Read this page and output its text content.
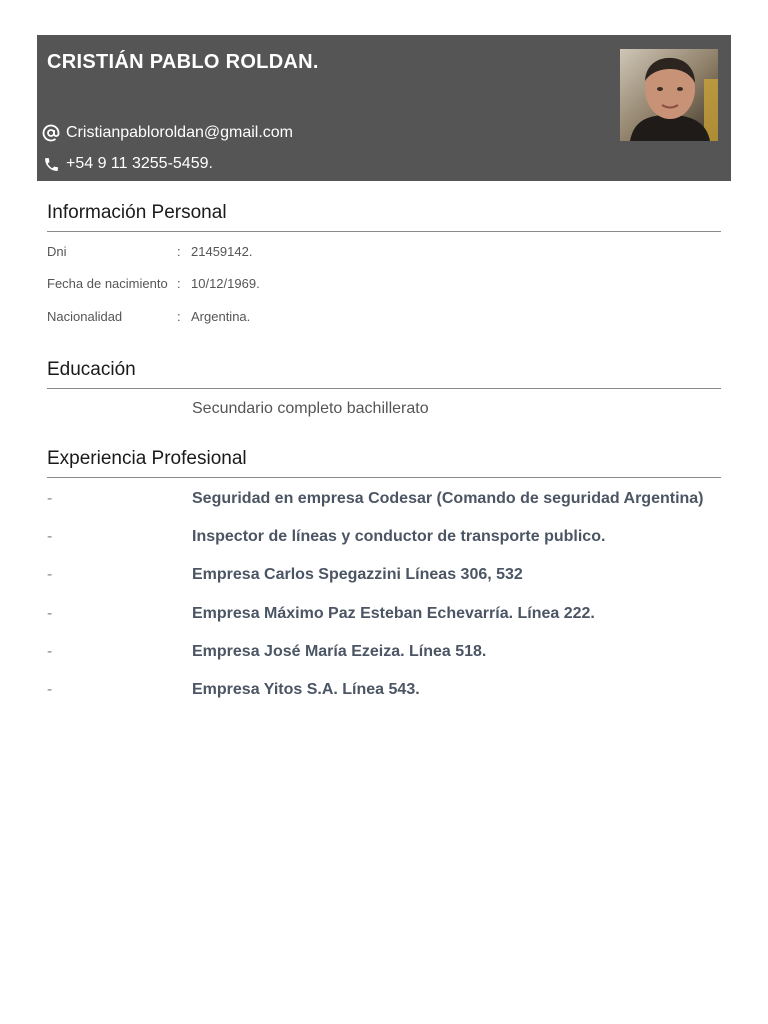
CRISTIÁN PABLO ROLDAN.
Cristianpabloroldan@gmail.com
+54 9 11 3255-5459.
Roque saenz Peña 471. Tristan suarez/ezeiza .
Información Personal
Dni	: 21459142.
Fecha de nacimiento : 10/12/1969.
Nacionalidad	: Argentina.
Educación
Secundario completo bachillerato
Experiencia Profesional
-	Seguridad en empresa Codesar (Comando de seguridad Argentina)
-	Inspector de líneas y conductor de transporte publico.
-	Empresa Carlos Spegazzini Líneas 306, 532
-	Empresa Máximo Paz Esteban Echevarría. Línea 222.
-	Empresa José María Ezeiza. Línea 518.
-	Empresa Yitos S.A. Línea 543.
